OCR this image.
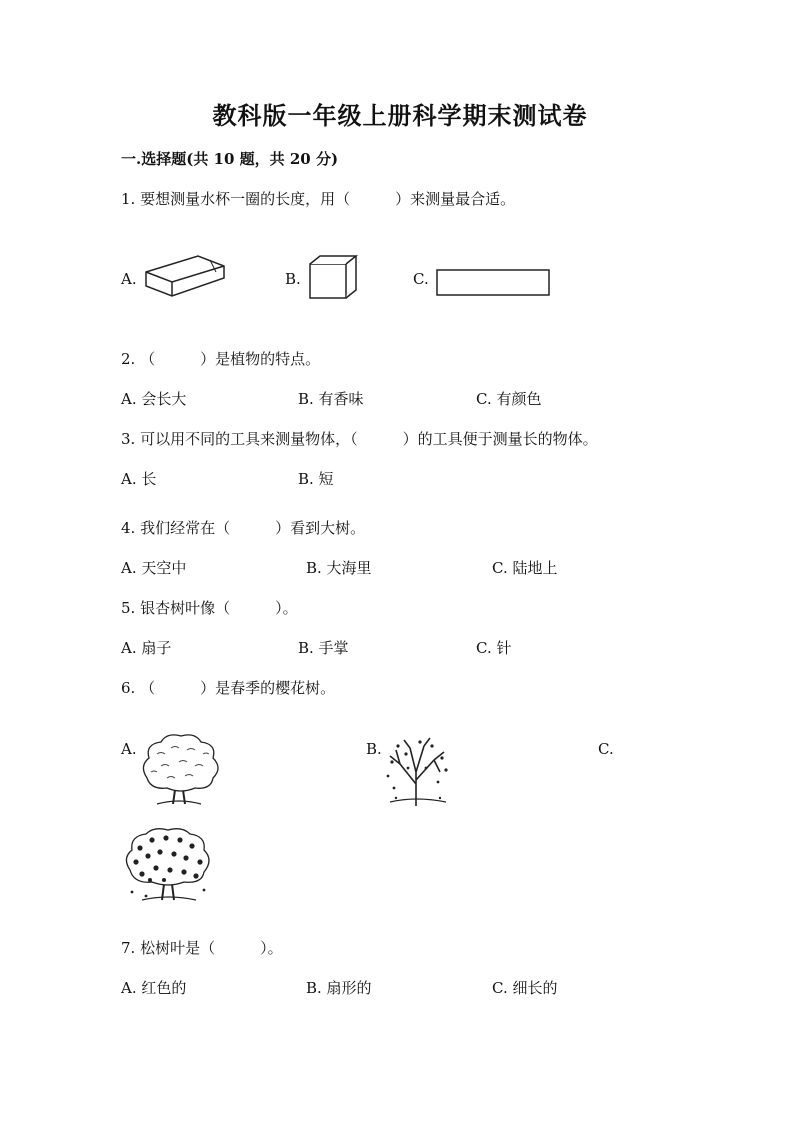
教科版一年级上册科学期末测试卷
一.选择题(共 10 题，共 20 分)
1. 要想测量水杯一圈的长度，用（　　　）来测量最合适。
A.	B.	C.
2. （　　　）是植物的特点。
A. 会长大	B. 有香味	C. 有颜色
3. 可以用不同的工具来测量物体，（　　　）的工具便于测量长的物体。
A. 长	B. 短
4. 我们经常在（　　　）看到大树。
A. 天空中	B. 大海里	C. 陆地上
5. 银杏树叶像（　　　）。
A. 扇子	B. 手掌	C. 针
6. （　　　）是春季的樱花树。
A.	B.	C.
7. 松树叶是（　　　）。
A. 红色的	B. 扇形的	C. 细长的
